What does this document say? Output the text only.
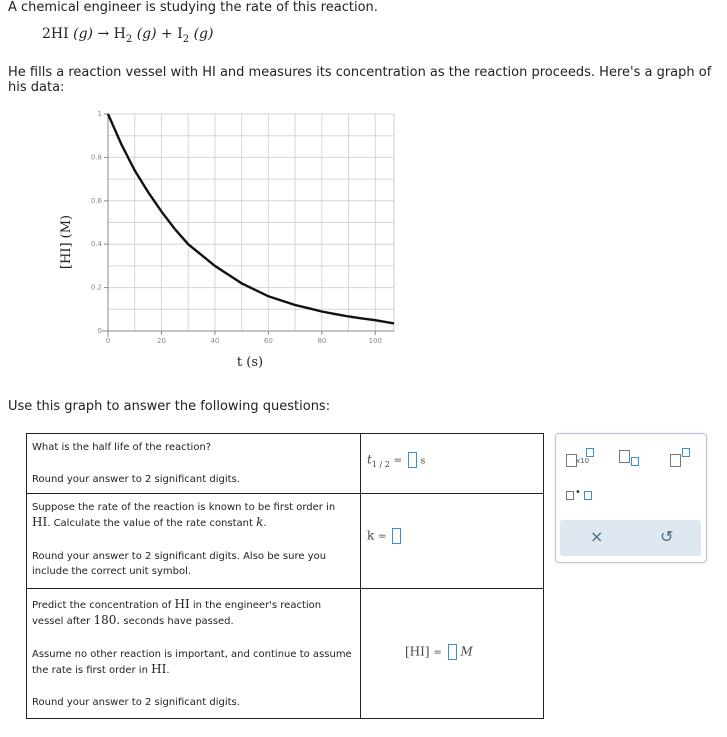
A chemical engineer is studying the rate of this reaction.
2HI $(g) \to H_2$ $(g) + I_2$ (g)
He fills a reaction vessel with HI and measures its concentration as the reaction proceeds. Here's a graph of his data:
0	20	40	60	80	100
0
0.2
0.4
0.6
0.8
1
[HI] (M)
t (s)
Use this graph to answer the following questions:
What is the half life of the reaction?
Round your answer to 2 significant digits.	$t_{1 / 2} = s$

Suppose the rate of the reaction is known to be first order in HI. Calculate the value of the rate constant k.
Round your answer to 2 significant digits. Also be sure you include the correct unit symbol.	k =

Predict the concentration of HI in the engineer's reaction vessel after 180. seconds have passed.
Assume no other reaction is important, and continue to assume the rate is first order in HI.
Round your answer to 2 significant digits.	[HI] = M
x10
•
×	↺
